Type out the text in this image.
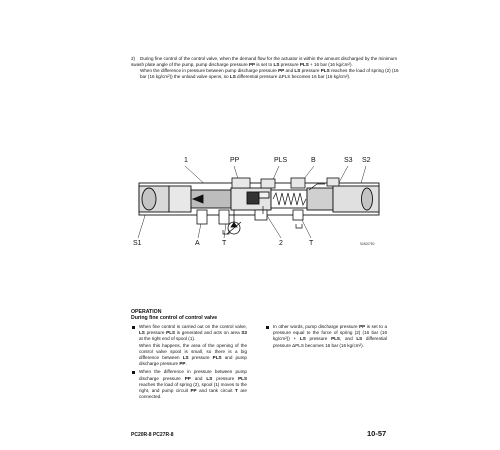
2) During fine control of the control valve, when the demand flow for the actuator is within the amount discharged by the minimum swash plate angle of the pump, pump discharge pressure PP is set to LS pressure PLS + 16 bar (16 kg/cm²).

When the difference in pressure between pump discharge pressure PP and LS pressure PLS reaches the load of spring (2) (16 bar (16 kg/cm²)) the unload valve opens, so LS differential pressure ΔPLS becomes 16 bar (16 kg/cm²).

1	PP	PLS	B	S3 S2
S1	A	T	2	T	9JA00750
OPERATION
During fine control of control valve
When fine control is carried out on the control valve, LS pressure PLS is generated and acts on area S3 at the right end of spool (1).
When this happens, the area of the opening of the control valve spool is small, so there is a big difference between LS pressure PLS and pump discharge pressure PP.
When the difference in pressure between pump discharge pressure PP and LS pressure PLS reaches the load of spring (2), spool (1) moves to the right, and pump circuit PP and tank circuit T are connected.
In other words, pump discharge pressure PP is set to a pressure equal to the force of spring (2) (16 bar (16 kg/cm²)) + LS pressure PLS, and LS differential pressure ΔPLS becomes 16 bar (16 kg/cm²).
PC20R-8 PC27R-8	10-57
